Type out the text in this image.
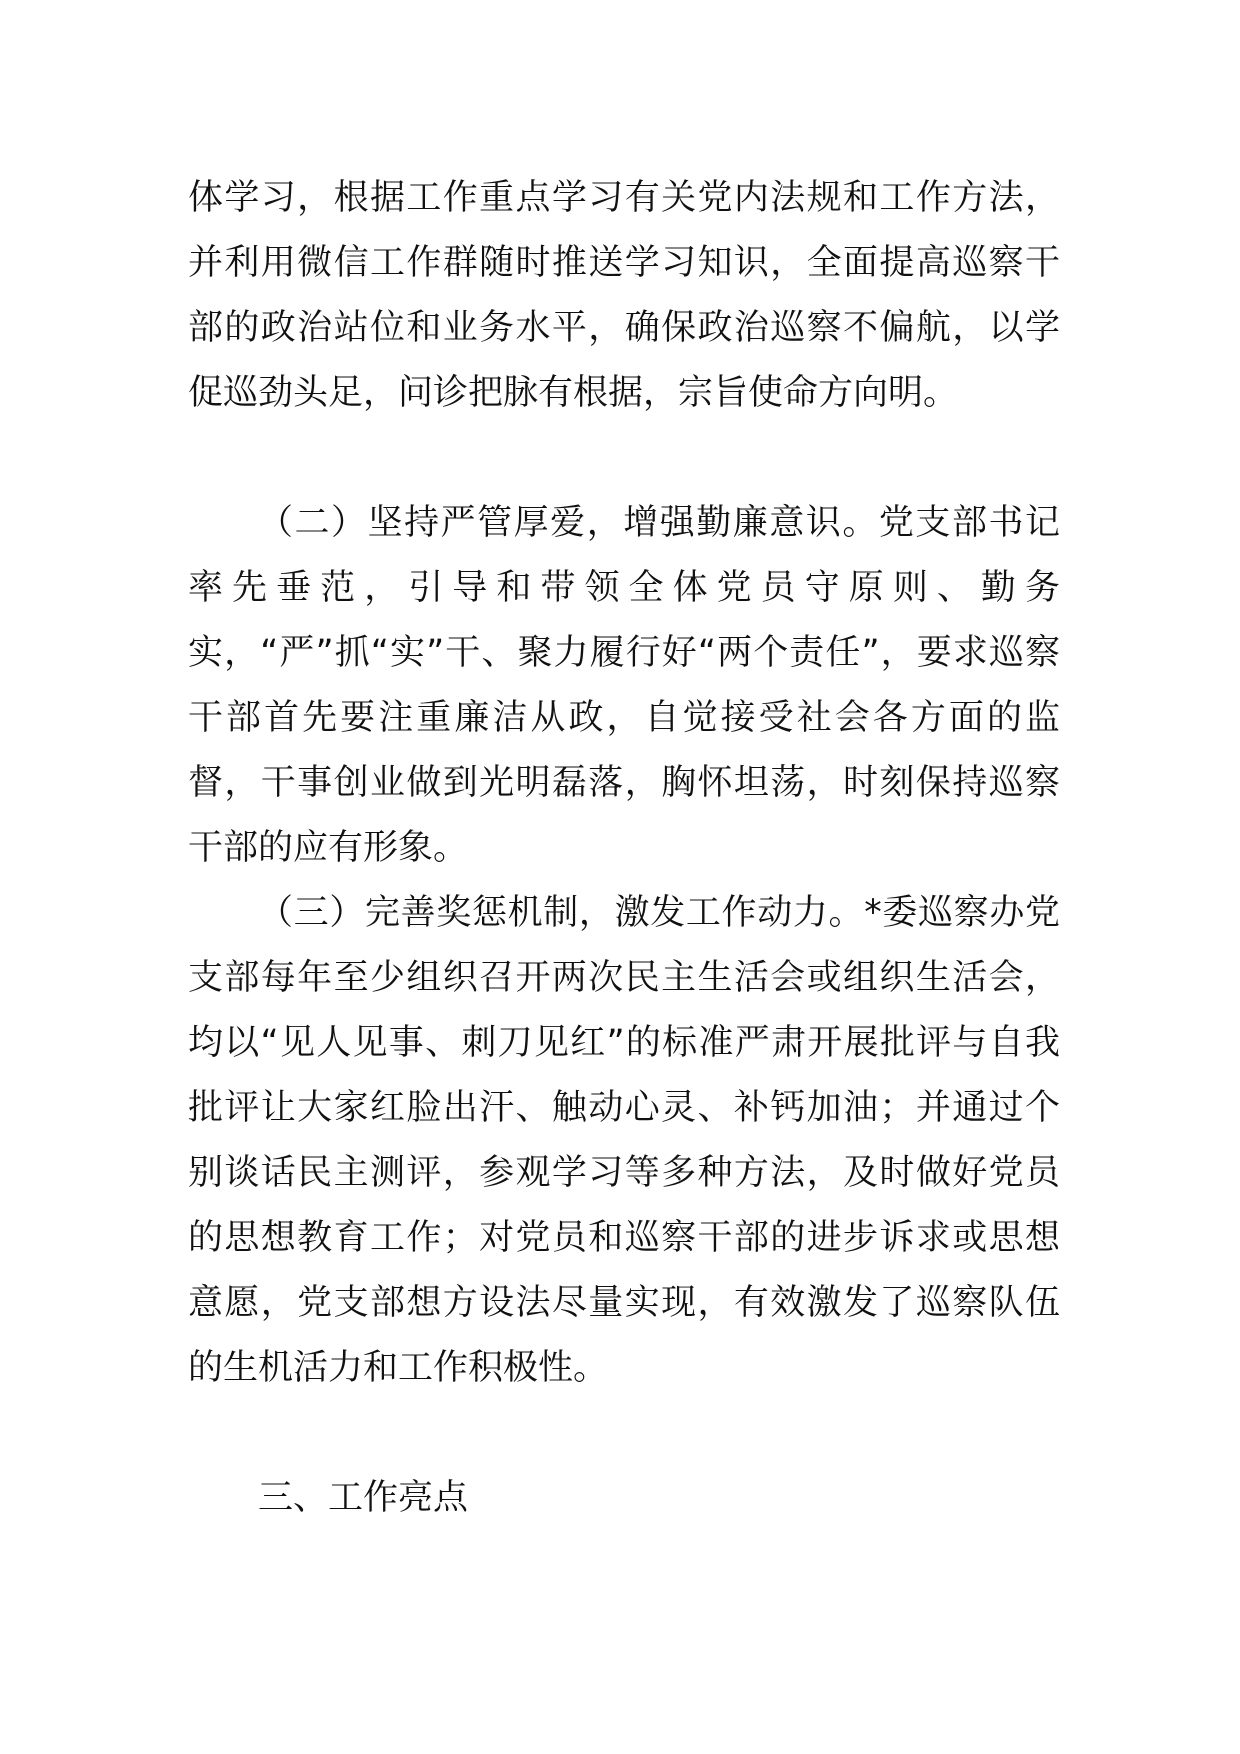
体学习，根据工作重点学习有关党内法规和工作方法，并利用微信工作群随时推送学习知识，全面提高巡察干部的政治站位和业务水平，确保政治巡察不偏航，以学促巡劲头足，问诊把脉有根据，宗旨使命方向明。

（二）坚持严管厚爱，增强勤廉意识。党支部书记率先垂范，引导和带领全体党员守原则、勤务实，“严”抓“实”干、聚力履行好“两个责任”，要求巡察干部首先要注重廉洁从政，自觉接受社会各方面的监督，干事创业做到光明磊落，胸怀坦荡，时刻保持巡察干部的应有形象。

（三）完善奖惩机制，激发工作动力。*委巡察办党支部每年至少组织召开两次民主生活会或组织生活会，均以“见人见事、刺刀见红”的标准严肃开展批评与自我批评让大家红脸出汗、触动心灵、补钙加油；并通过个别谈话民主测评，参观学习等多种方法，及时做好党员的思想教育工作；对党员和巡察干部的进步诉求或思想意愿，党支部想方设法尽量实现，有效激发了巡察队伍的生机活力和工作积极性。

三、工作亮点
